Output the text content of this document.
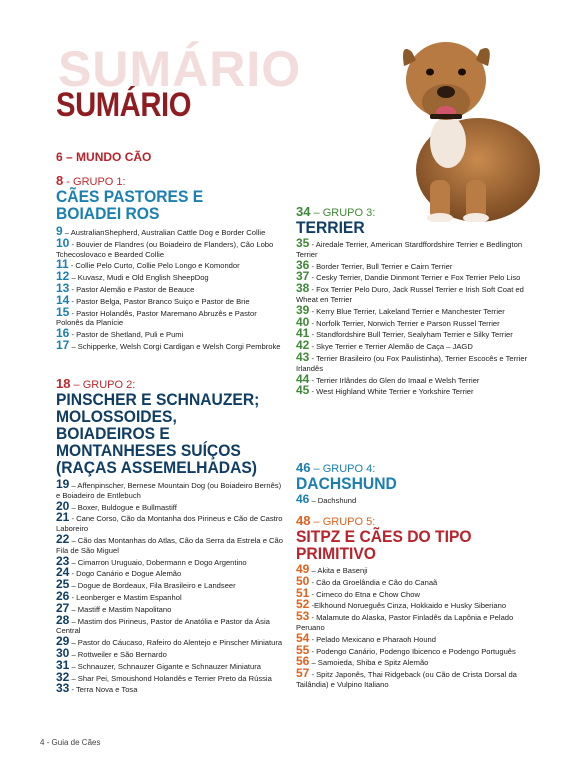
SUMÁRIO
SUMÁRIO
6 – MUNDO CÃO
8 - GRUPO 1:
CÃES PASTORES E
BOIADEI ROS
9 – AustralianShepherd, Australian Cattle Dog e Border Collie
10 - Bouvier de Flandres (ou Boiadeiro de Flanders), Cão Lobo Tchecoslovaco e Bearded Collie
11 - Collie Pelo Curto, Collie Pelo Longo e Komondor
12 – Kuvasz, Mudi e Old English SheepDog
13 - Pastor Alemão e Pastor de Beauce
14 - Pastor Belga, Pastor Branco Suiço e Pastor de Brie
15 - Pastor Holandês, Pastor Maremano Abruzês e Pastor Polonês da Planície
16 - Pastor de Shetland, Puli e Pumi
17 – Schipperke, Welsh Corgi Cardigan e Welsh Corgi Pembroke
18 – GRUPO 2:
PINSCHER E SCHNAUZER;
MOLOSSOIDES,
BOIADEIROS E
MONTANHESES SUÍÇOS
(RAÇAS ASSEMELHADAS)
19 – Affenpinscher, Bernese Mountain Dog (ou Boiadeiro Bernês) e Boiadeiro de Entlebuch
20 – Boxer, Buldogue e Bullmastiff
21 - Cane Corso, Cão da Montanha dos Pirineus e Cão de Castro Laboreiro
22 – Cão das Montanhas do Atlas, Cão da Serra da Estrela e Cão Fila de São Miguel
23 – Cimarron Uruguaio, Dobermann e Dogo Argentino
24 - Dogo Canário e Dogue Alemão
25 – Dogue de Bordeaux, Fila Brasileiro e Landseer
26 - Leonberger e Mastim Espanhol
27 – Mastiff e Mastim Napolitano
28 – Mastim dos Pirineus, Pastor de Anatólia e Pastor da Ásia Central
29 – Pastor do Cáucaso, Rafeiro do Alentejo e Pinscher Miniatura
30 – Rottweiler e São Bernardo
31 – Schnauzer, Schnauzer Gigante e Schnauzer Miniatura
32 – Shar Pei, Smoushond Holandês e Terrier Preto da Rússia
33 - Terra Nova e Tosa
34 – GRUPO 3:
TERRIER
35 - Airedale Terrier, American Stardffordshire Terrier e Bedlington Terrier
36 - Border Terrier, Bull Terrier e Cairn Terrier
37 - Cesky Terrier, Dandie Dinmont Terrier e Fox Terrier Pelo Liso
38 - Fox Terrier Pelo Duro, Jack Russel Terrier e Irish Soft Coat ed Wheat en Terrier
39 - Kerry Blue Terrier, Lakeland Terrier e Manchester Terrier
40 - Norfolk Terrier, Norwich Terrier e Parson Russel Terrier
41 - Standfordshire Bull Terrier, Sealyham Terrier e Silky Terrier
42 - Skye Terrier e Terrier Alemão de Caça – JAGD
43 - Terrier Brasileiro (ou Fox Paulistinha), Terrier Escocês e Terrier Irlandês
44 - Terrier Irlândes do Glen do Imaal e Welsh Terrier
45 - West Highland White Terrier e Yorkshire Terrier
46 – GRUPO 4:
DACHSHUND
46 – Dachshund
48 – GRUPO 5:
SITPZ E CÃES DO TIPO
PRIMITIVO
49 – Akita e Basenji
50 - Cão da Groelândia e Cão do Canaã
51 - Cirneco do Etna e Chow Chow
52 -Elkhound Norueguês Cinza, Hokkaido e Husky Siberiano
53 - Malamute do Alaska, Pastor Finladês da Lapônia e Pelado Peruano
54 - Pelado Mexicano e Pharaoh Hound
55 - Podengo Canário, Podengo Ibicenco e Podengo Português
56 – Samoieda, Shiba e Spitz Alemão
57 - Spitz Japonês, Thai Ridgeback (ou Cão de Crista Dorsal da Tailândia) e Vulpino Italiano
4 - Guia de Cães
